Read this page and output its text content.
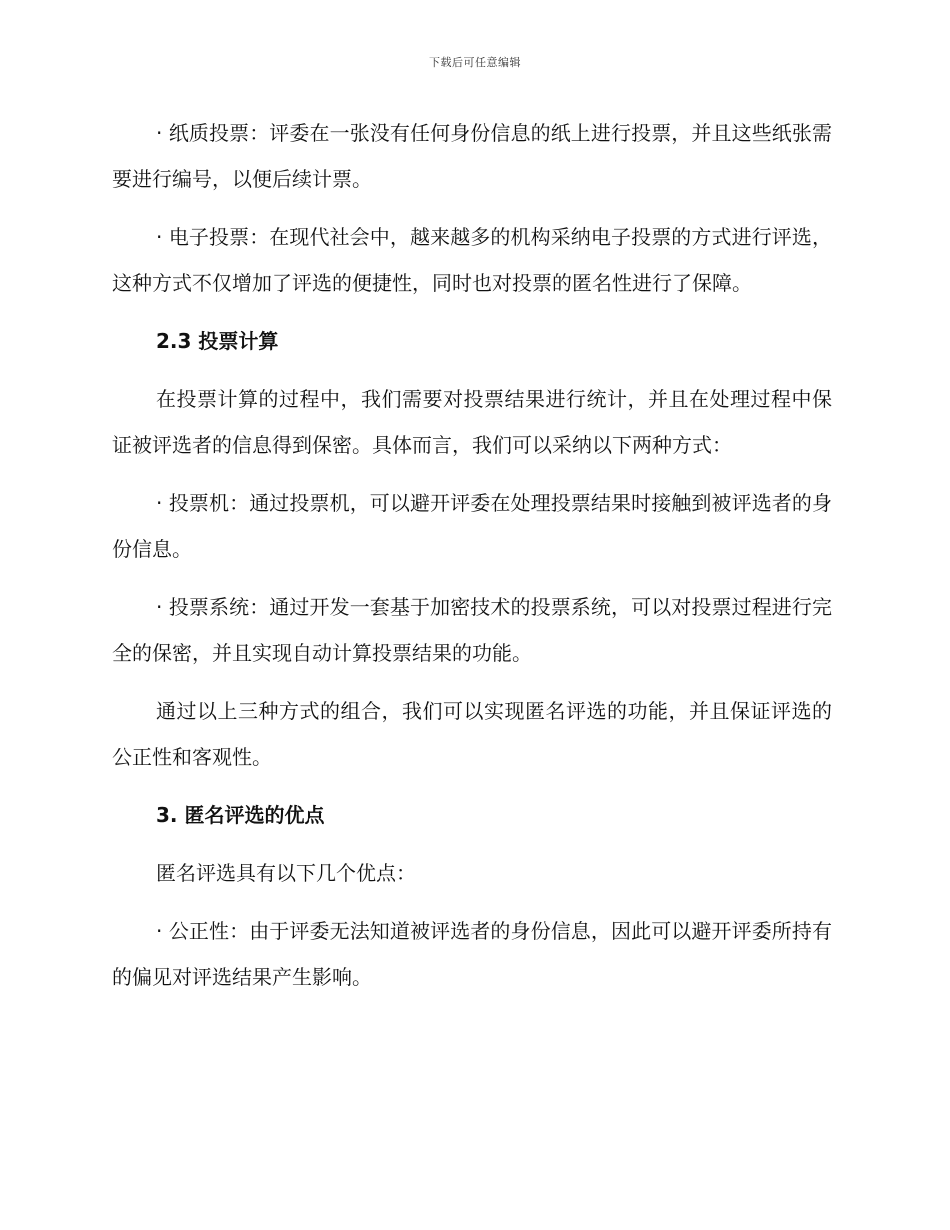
下载后可任意编辑

· 纸质投票：评委在一张没有任何身份信息的纸上进行投票，并且这些纸张需要进行编号，以便后续计票。

· 电子投票：在现代社会中，越来越多的机构采纳电子投票的方式进行评选，这种方式不仅增加了评选的便捷性，同时也对投票的匿名性进行了保障。

2.3 投票计算

在投票计算的过程中，我们需要对投票结果进行统计，并且在处理过程中保证被评选者的信息得到保密。具体而言，我们可以采纳以下两种方式：

· 投票机：通过投票机，可以避开评委在处理投票结果时接触到被评选者的身份信息。

· 投票系统：通过开发一套基于加密技术的投票系统，可以对投票过程进行完全的保密，并且实现自动计算投票结果的功能。

通过以上三种方式的组合，我们可以实现匿名评选的功能，并且保证评选的公正性和客观性。

3. 匿名评选的优点

匿名评选具有以下几个优点：

· 公正性：由于评委无法知道被评选者的身份信息，因此可以避开评委所持有的偏见对评选结果产生影响。
